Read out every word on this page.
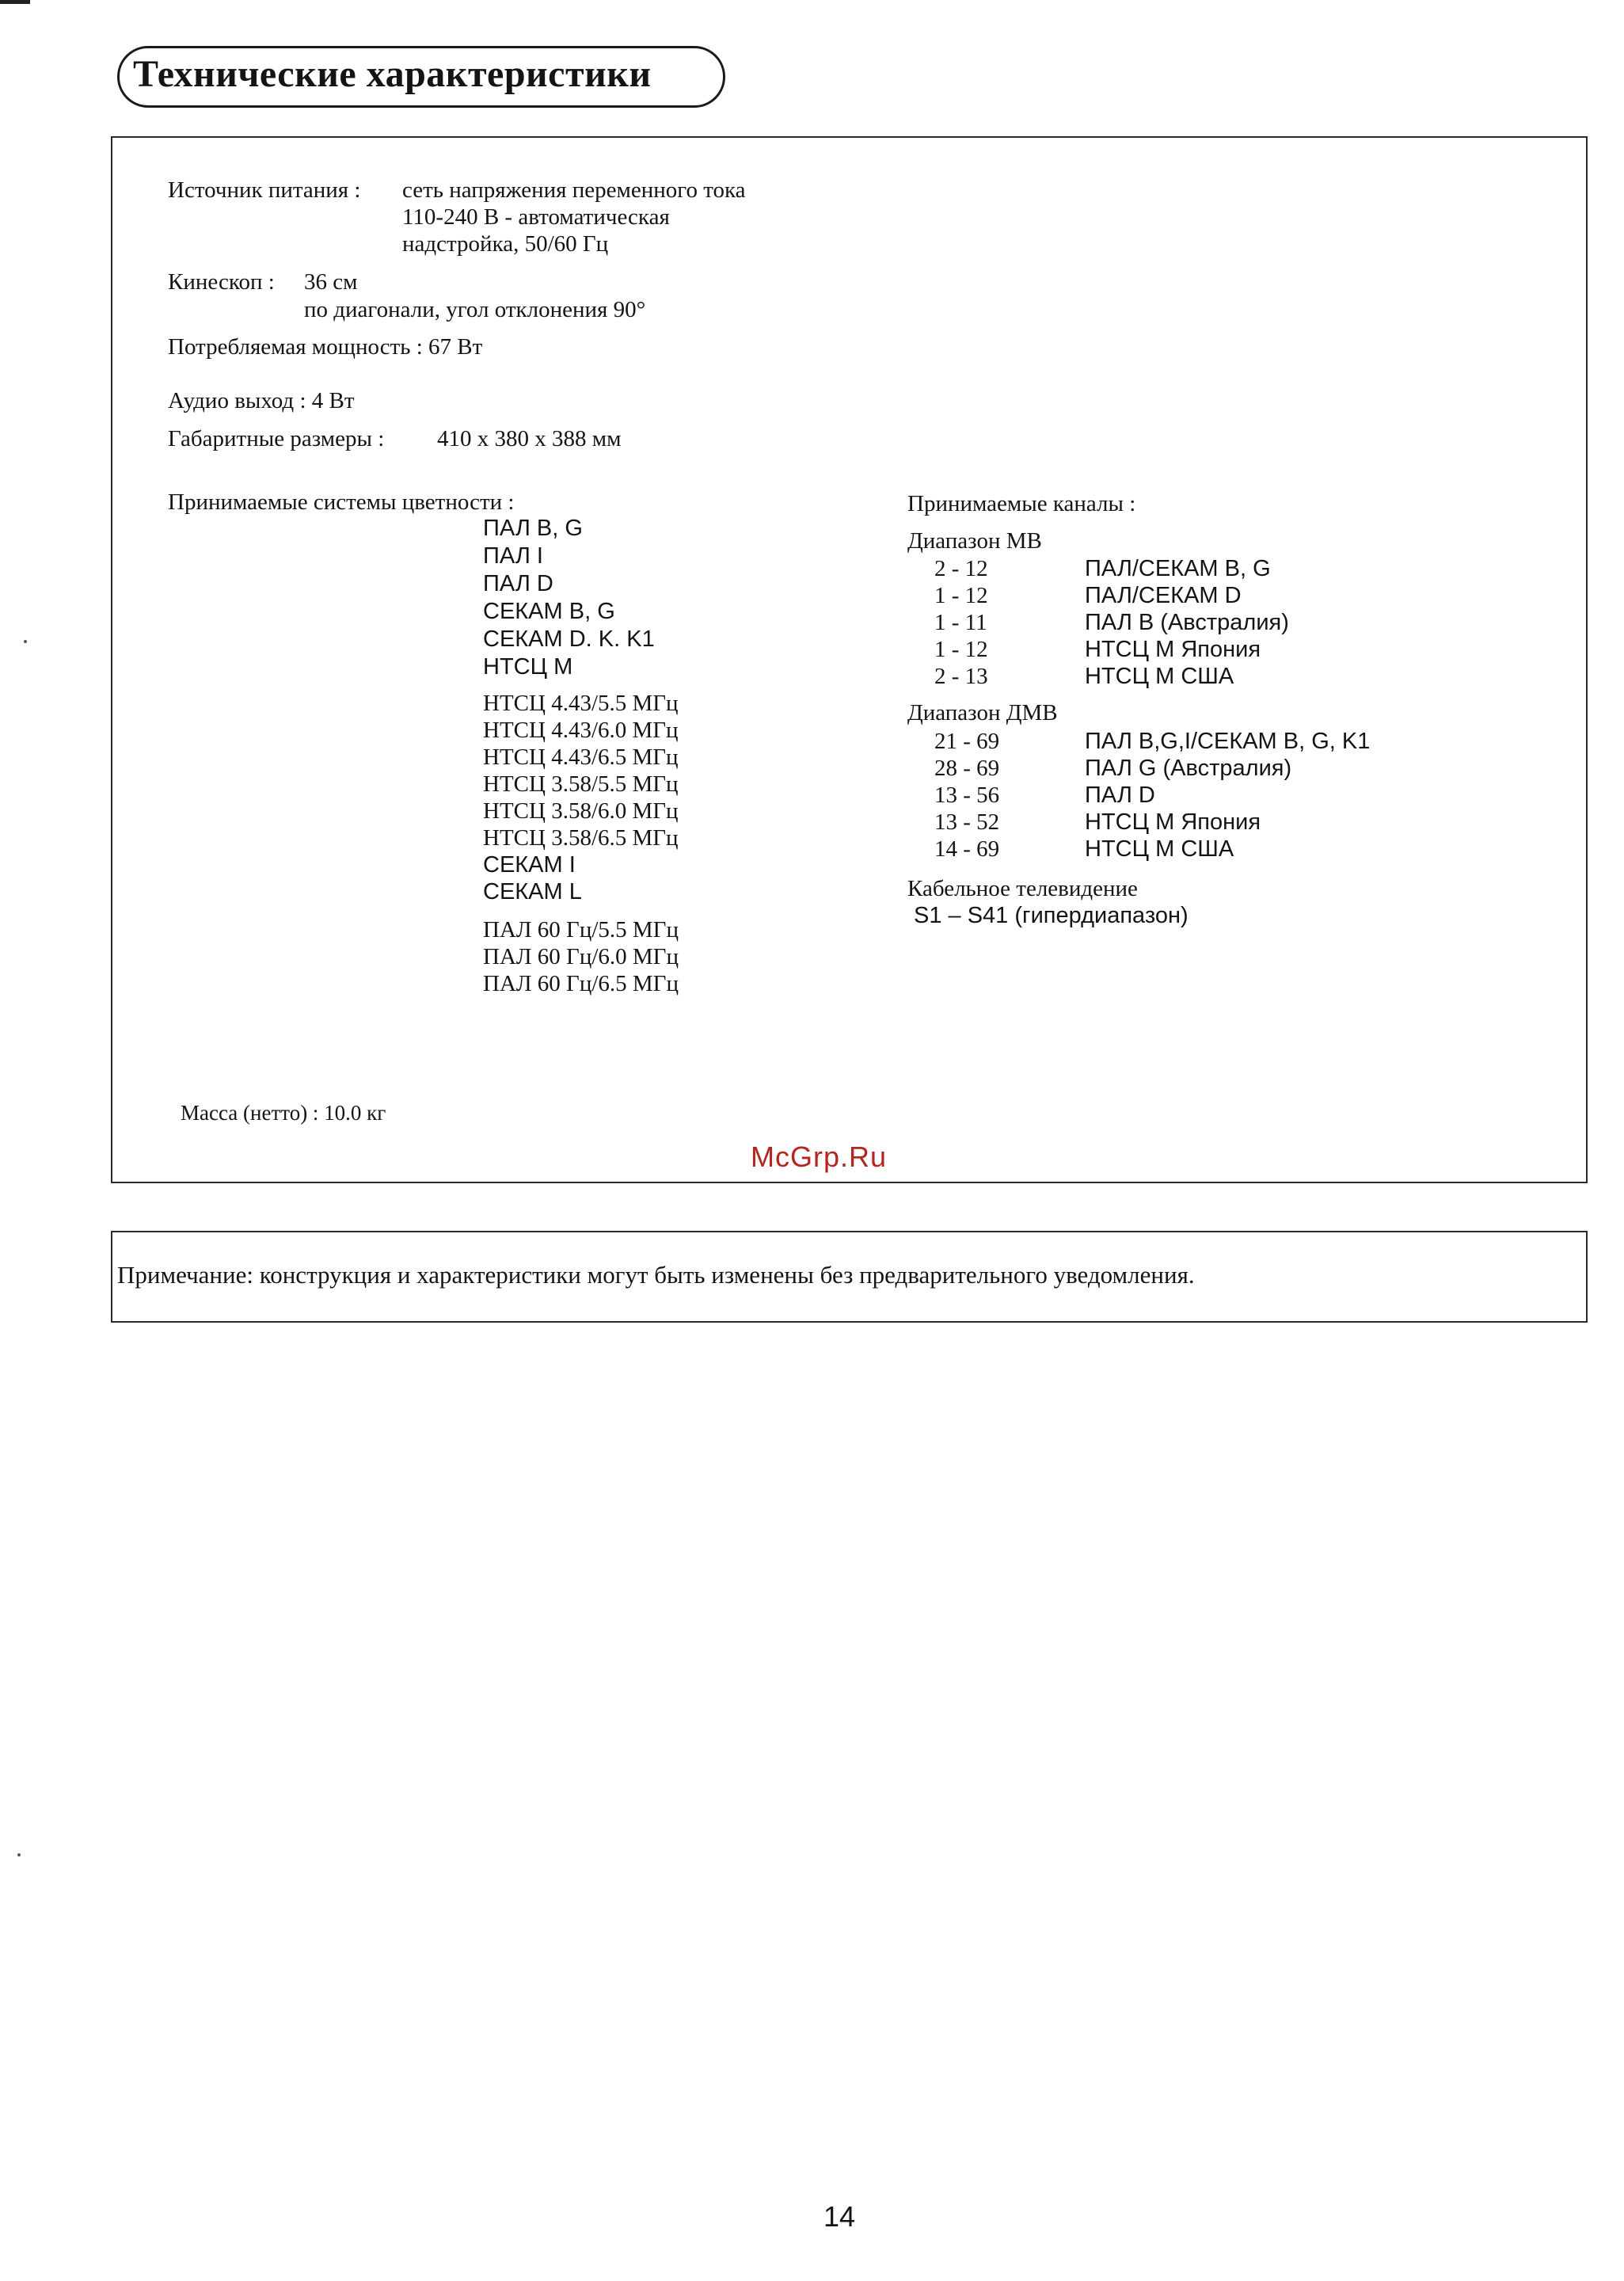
Технические характеристики
Источник питания : сеть напряжения переменного тока
110-240 В - автоматическая
надстройка, 50/60 Гц
Кинескоп : 36 см
по диагонали, угол отклонения 90°
Потребляемая мощность : 67 Вт
Аудио выход : 4 Вт
Габаритные размеры : 410 x 380 x 388 мм
Принимаемые системы цветности :
ПАЛ B, G
ПАЛ I
ПАЛ D
СЕКАМ B, G
СЕКАМ D. K. K1
НТСЦ M
НТСЦ 4.43/5.5 МГц
НТСЦ 4.43/6.0 МГц
НТСЦ 4.43/6.5 МГц
НТСЦ 3.58/5.5 МГц
НТСЦ 3.58/6.0 МГц
НТСЦ 3.58/6.5 МГц
СЕКАМ I
СЕКАМ L
ПАЛ 60 Гц/5.5 МГц
ПАЛ 60 Гц/6.0 МГц
ПАЛ 60 Гц/6.5 МГц
Принимаемые каналы :
Диапазон МВ
2 - 12	ПАЛ/СЕКАМ B, G
1 - 12	ПАЛ/СЕКАМ D
1 - 11	ПАЛ B (Австралия)
1 - 12	НТСЦ M Япония
2 - 13	НТСЦ M США
Диапазон ДМВ
21 - 69	ПАЛ B,G,I/СЕКАМ B, G, K1
28 - 69	ПАЛ G (Австралия)
13 - 56	ПАЛ D
13 - 52	НТСЦ M Япония
14 - 69	НТСЦ M США
Кабельное телевидение
S1 – S41 (гипердиапазон)
Масса (нетто) : 10.0 кг
McGrp.Ru
Примечание: конструкция и характеристики могут быть изменены без предварительного уведомления.
14
